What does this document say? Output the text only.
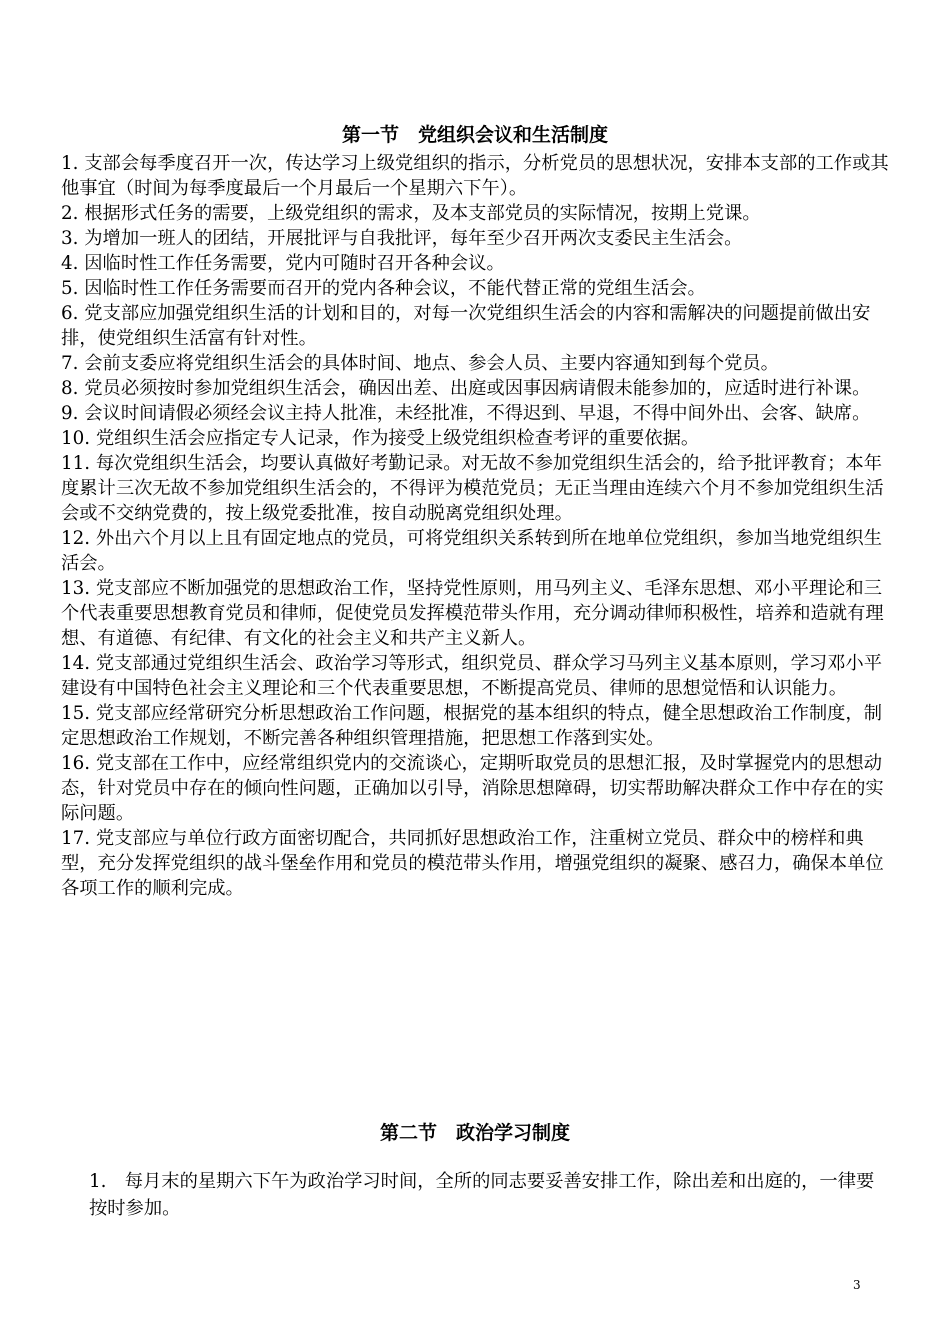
第一节　党组织会议和生活制度

1. 支部会每季度召开一次，传达学习上级党组织的指示，分析党员的思想状况，安排本支部的工作或其他事宜（时间为每季度最后一个月最后一个星期六下午）。

2. 根据形式任务的需要，上级党组织的需求，及本支部党员的实际情况，按期上党课。

3. 为增加一班人的团结，开展批评与自我批评，每年至少召开两次支委民主生活会。

4. 因临时性工作任务需要，党内可随时召开各种会议。

5. 因临时性工作任务需要而召开的党内各种会议，不能代替正常的党组生活会。

6. 党支部应加强党组织生活的计划和目的，对每一次党组织生活会的内容和需解决的问题提前做出安排，使党组织生活富有针对性。

7. 会前支委应将党组织生活会的具体时间、地点、参会人员、主要内容通知到每个党员。

8. 党员必须按时参加党组织生活会，确因出差、出庭或因事因病请假未能参加的，应适时进行补课。

9. 会议时间请假必须经会议主持人批准，未经批准，不得迟到、早退，不得中间外出、会客、缺席。

10. 党组织生活会应指定专人记录，作为接受上级党组织检查考评的重要依据。

11. 每次党组织生活会，均要认真做好考勤记录。对无故不参加党组织生活会的，给予批评教育；本年度累计三次无故不参加党组织生活会的，不得评为模范党员；无正当理由连续六个月不参加党组织生活会或不交纳党费的，按上级党委批准，按自动脱离党组织处理。

12. 外出六个月以上且有固定地点的党员，可将党组织关系转到所在地单位党组织，参加当地党组织生活会。

13. 党支部应不断加强党的思想政治工作，坚持党性原则，用马列主义、毛泽东思想、邓小平理论和三个代表重要思想教育党员和律师，促使党员发挥模范带头作用，充分调动律师积极性，培养和造就有理想、有道德、有纪律、有文化的社会主义和共产主义新人。

14. 党支部通过党组织生活会、政治学习等形式，组织党员、群众学习马列主义基本原则，学习邓小平建设有中国特色社会主义理论和三个代表重要思想，不断提高党员、律师的思想觉悟和认识能力。

15. 党支部应经常研究分析思想政治工作问题，根据党的基本组织的特点，健全思想政治工作制度，制定思想政治工作规划，不断完善各种组织管理措施，把思想工作落到实处。

16. 党支部在工作中，应经常组织党内的交流谈心，定期听取党员的思想汇报，及时掌握党内的思想动态，针对党员中存在的倾向性问题，正确加以引导，消除思想障碍，切实帮助解决群众工作中存在的实际问题。

17. 党支部应与单位行政方面密切配合，共同抓好思想政治工作，注重树立党员、群众中的榜样和典型，充分发挥党组织的战斗堡垒作用和党员的模范带头作用，增强党组织的凝聚、感召力，确保本单位各项工作的顺利完成。

第二节　政治学习制度

1.　每月末的星期六下午为政治学习时间，全所的同志要妥善安排工作，除出差和出庭的，一律要按时参加。

3
